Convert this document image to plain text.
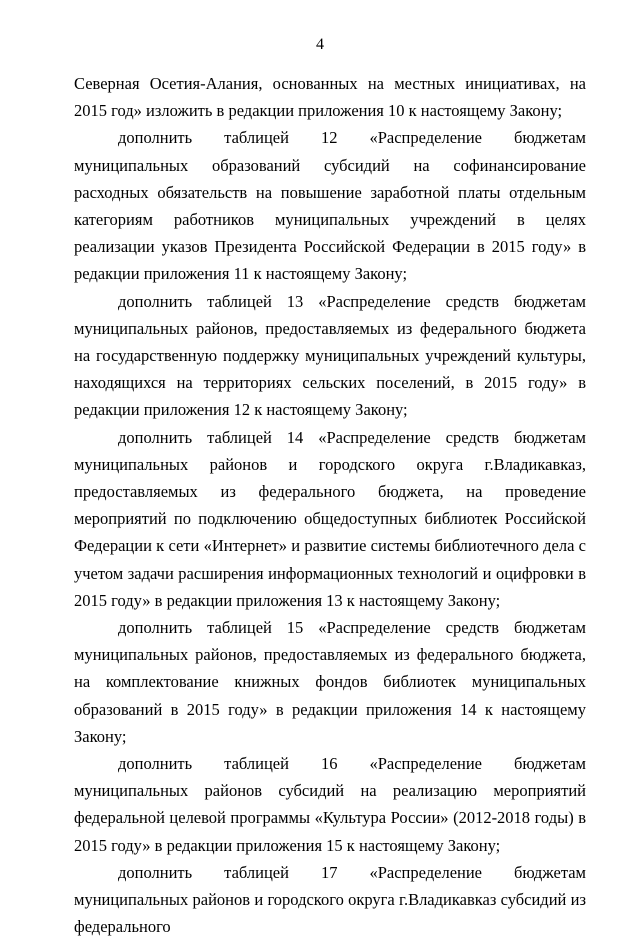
4

Северная Осетия-Алания, основанных на местных инициативах, на 2015 год» изложить в редакции приложения 10 к настоящему Закону;

дополнить таблицей 12 «Распределение бюджетам муниципальных образований субсидий на софинансирование расходных обязательств на повышение заработной платы отдельным категориям работников муниципальных учреждений в целях реализации указов Президента Российской Федерации в 2015 году» в редакции приложения 11 к настоящему Закону;

дополнить таблицей 13 «Распределение средств бюджетам муниципальных районов, предоставляемых из федерального бюджета на государственную поддержку муниципальных учреждений культуры, находящихся на территориях сельских поселений, в 2015 году» в редакции приложения 12 к настоящему Закону;

дополнить таблицей 14 «Распределение средств бюджетам муниципальных районов и городского округа г.Владикавказ, предоставляемых из федерального бюджета, на проведение мероприятий по подключению общедоступных библиотек Российской Федерации к сети «Интернет» и развитие системы библиотечного дела с учетом задачи расширения информационных технологий и оцифровки в 2015 году» в редакции приложения 13 к настоящему Закону;

дополнить таблицей 15 «Распределение средств бюджетам муниципальных районов, предоставляемых из федерального бюджета, на комплектование книжных фондов библиотек муниципальных образований в 2015 году» в редакции приложения 14 к настоящему Закону;

дополнить таблицей 16 «Распределение бюджетам муниципальных районов субсидий на реализацию мероприятий федеральной целевой программы «Культура России» (2012-2018 годы) в 2015 году» в редакции приложения 15 к настоящему Закону;

дополнить таблицей 17 «Распределение бюджетам муниципальных районов и городского округа г.Владикавказ субсидий из федерального
